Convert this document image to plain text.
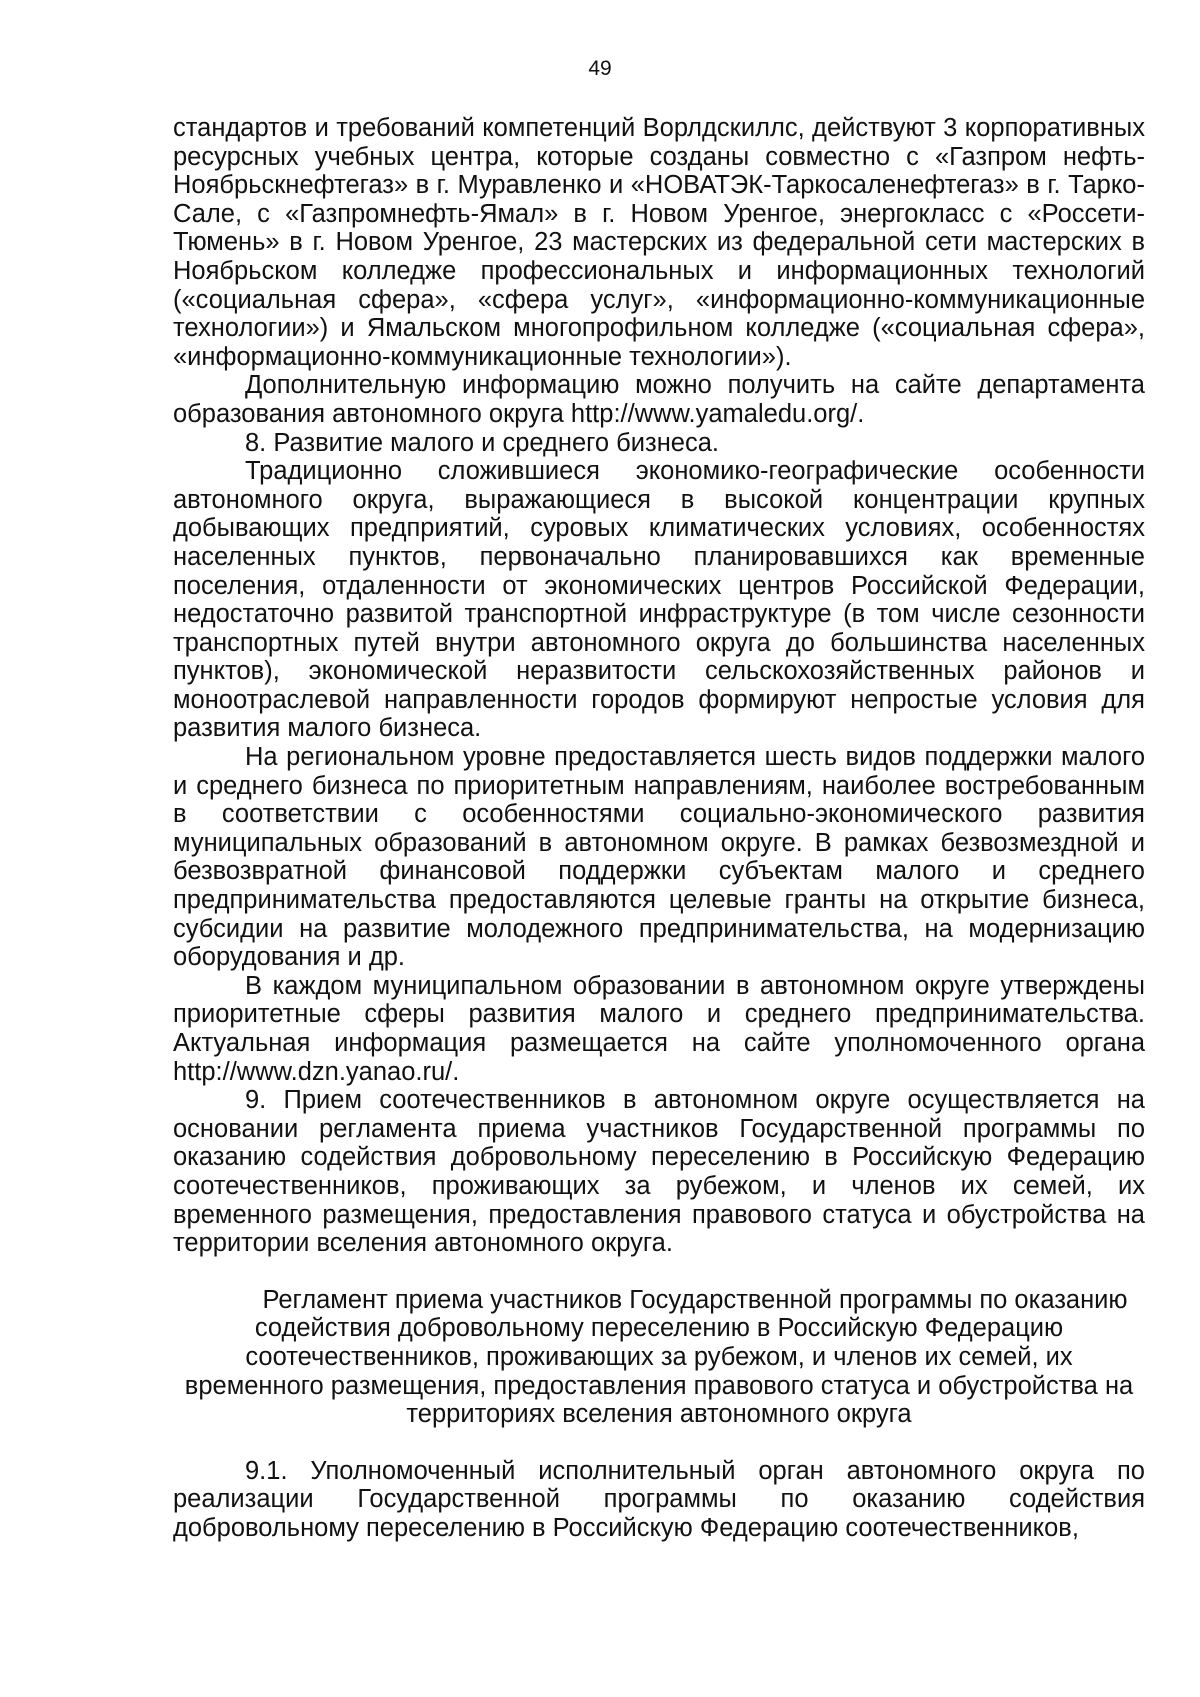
49

стандартов и требований компетенций Ворлдскиллс, действуют 3 корпоративных ресурсных учебных центра, которые созданы совместно с «Газпром нефть-Ноябрьскнефтегаз» в г. Муравленко и «НОВАТЭК-Таркосаленефтегаз» в г. Тарко-Сале, с «Газпромнефть-Ямал» в г. Новом Уренгое, энергокласс с «Россети-Тюмень» в г. Новом Уренгое, 23 мастерских из федеральной сети мастерских в Ноябрьском колледже профессиональных и информационных технологий («социальная сфера», «сфера услуг», «информационно-коммуникационные технологии») и Ямальском многопрофильном колледже («социальная сфера», «информационно-коммуникационные технологии»).

Дополнительную информацию можно получить на сайте департамента образования автономного округа http://www.yamaledu.org/.

8. Развитие малого и среднего бизнеса.

Традиционно сложившиеся экономико-географические особенности автономного округа, выражающиеся в высокой концентрации крупных добывающих предприятий, суровых климатических условиях, особенностях населенных пунктов, первоначально планировавшихся как временные поселения, отдаленности от экономических центров Российской Федерации, недостаточно развитой транспортной инфраструктуре (в том числе сезонности транспортных путей внутри автономного округа до большинства населенных пунктов), экономической неразвитости сельскохозяйственных районов и моноотраслевой направленности городов формируют непростые условия для развития малого бизнеса.

На региональном уровне предоставляется шесть видов поддержки малого и среднего бизнеса по приоритетным направлениям, наиболее востребованным в соответствии с особенностями социально-экономического развития муниципальных образований в автономном округе. В рамках безвозмездной и безвозвратной финансовой поддержки субъектам малого и среднего предпринимательства предоставляются целевые гранты на открытие бизнеса, субсидии на развитие молодежного предпринимательства, на модернизацию оборудования и др.

В каждом муниципальном образовании в автономном округе утверждены приоритетные сферы развития малого и среднего предпринимательства. Актуальная информация размещается на сайте уполномоченного органа http://www.dzn.yanao.ru/.

9. Прием соотечественников в автономном округе осуществляется на основании регламента приема участников Государственной программы по оказанию содействия добровольному переселению в Российскую Федерацию соотечественников, проживающих за рубежом, и членов их семей, их временного размещения, предоставления правового статуса и обустройства на территории вселения автономного округа.

Регламент приема участников Государственной программы по оказанию содействия добровольному переселению в Российскую Федерацию соотечественников, проживающих за рубежом, и членов их семей, их временного размещения, предоставления правового статуса и обустройства на территориях вселения автономного округа

9.1. Уполномоченный исполнительный орган автономного округа по реализации Государственной программы по оказанию содействия добровольному переселению в Российскую Федерацию соотечественников,
